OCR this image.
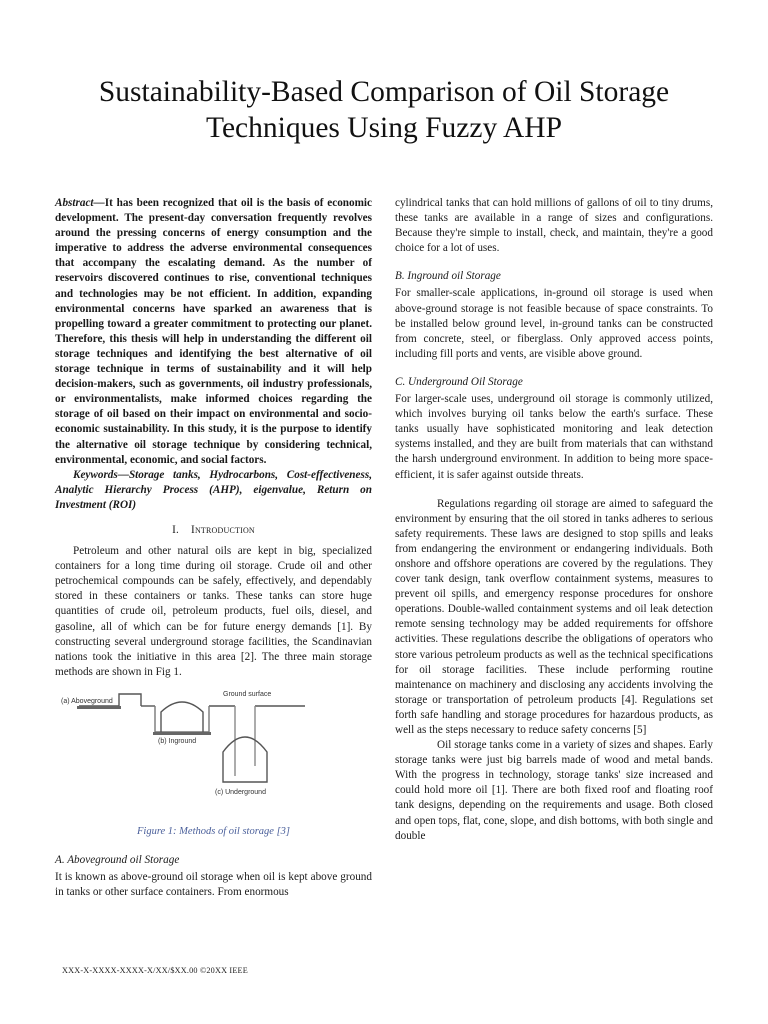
Sustainability-Based Comparison of Oil Storage Techniques Using Fuzzy AHP

Abstract—It has been recognized that oil is the basis of economic development. The present-day conversation frequently revolves around the pressing concerns of energy consumption and the imperative to address the adverse environmental consequences that accompany the escalating demand. As the number of reservoirs discovered continues to rise, conventional techniques and technologies may be not efficient. In addition, expanding environmental concerns have sparked an awareness that is propelling toward a greater commitment to protecting our planet. Therefore, this thesis will help in understanding the different oil storage techniques and identifying the best alternative of oil storage technique in terms of sustainability and it will help decision-makers, such as governments, oil industry professionals, or environmentalists, make informed choices regarding the storage of oil based on their impact on environmental and socio-economic sustainability. In this study, it is the purpose to identify the alternative oil storage technique by considering technical, environmental, economic, and social factors.

Keywords—Storage tanks, Hydrocarbons, Cost-effectiveness, Analytic Hierarchy Process (AHP), eigenvalue, Return on Investment (ROI)

I. Introduction

Petroleum and other natural oils are kept in big, specialized containers for a long time during oil storage. Crude oil and other petrochemical compounds can be safely, effectively, and dependably stored in these containers or tanks. These tanks can store huge quantities of crude oil, petroleum products, fuel oils, diesel, and gasoline, all of which can be for future energy demands [1]. By constructing several underground storage facilities, the Scandinavian nations took the initiative in this area [2]. The three main storage methods are shown in Fig 1.

(a) Aboveground
(b) Inground
(c) Underground
Ground surface

Figure 1: Methods of oil storage [3]

A. Aboveground oil Storage

It is known as above-ground oil storage when oil is kept above ground in tanks or other surface containers. From enormous

cylindrical tanks that can hold millions of gallons of oil to tiny drums, these tanks are available in a range of sizes and configurations. Because they're simple to install, check, and maintain, they're a good choice for a lot of uses.

B. Inground oil Storage

For smaller-scale applications, in-ground oil storage is used when above-ground storage is not feasible because of space constraints. To be installed below ground level, in-ground tanks can be constructed from concrete, steel, or fiberglass. Only approved access points, including fill ports and vents, are visible above ground.

C. Underground Oil Storage

For larger-scale uses, underground oil storage is commonly utilized, which involves burying oil tanks below the earth's surface. These tanks usually have sophisticated monitoring and leak detection systems installed, and they are built from materials that can withstand the harsh underground environment. In addition to being more space-efficient, it is safer against outside threats.

Regulations regarding oil storage are aimed to safeguard the environment by ensuring that the oil stored in tanks adheres to serious safety requirements. These laws are designed to stop spills and leaks from endangering the environment or endangering individuals. Both onshore and offshore operations are covered by the regulations. They cover tank design, tank overflow containment systems, measures to prevent oil spills, and emergency response procedures for onshore operations. Double-walled containment systems and oil leak detection remote sensing technology may be added requirements for offshore activities. These regulations describe the obligations of operators who store various petroleum products as well as the technical specifications for oil storage facilities. These include performing routine maintenance on machinery and disclosing any accidents involving the storage or transportation of petroleum products [4]. Regulations set forth safe handling and storage procedures for hazardous products, as well as the steps necessary to reduce safety concerns [5]

Oil storage tanks come in a variety of sizes and shapes. Early storage tanks were just big barrels made of wood and metal bands. With the progress in technology, storage tanks' size increased and could hold more oil [1]. There are both fixed roof and floating roof tank designs, depending on the requirements and usage. Both closed and open tops, flat, cone, slope, and dish bottoms, with both single and double

XXX-X-XXXX-XXXX-X/XX/$XX.00 ©20XX IEEE
